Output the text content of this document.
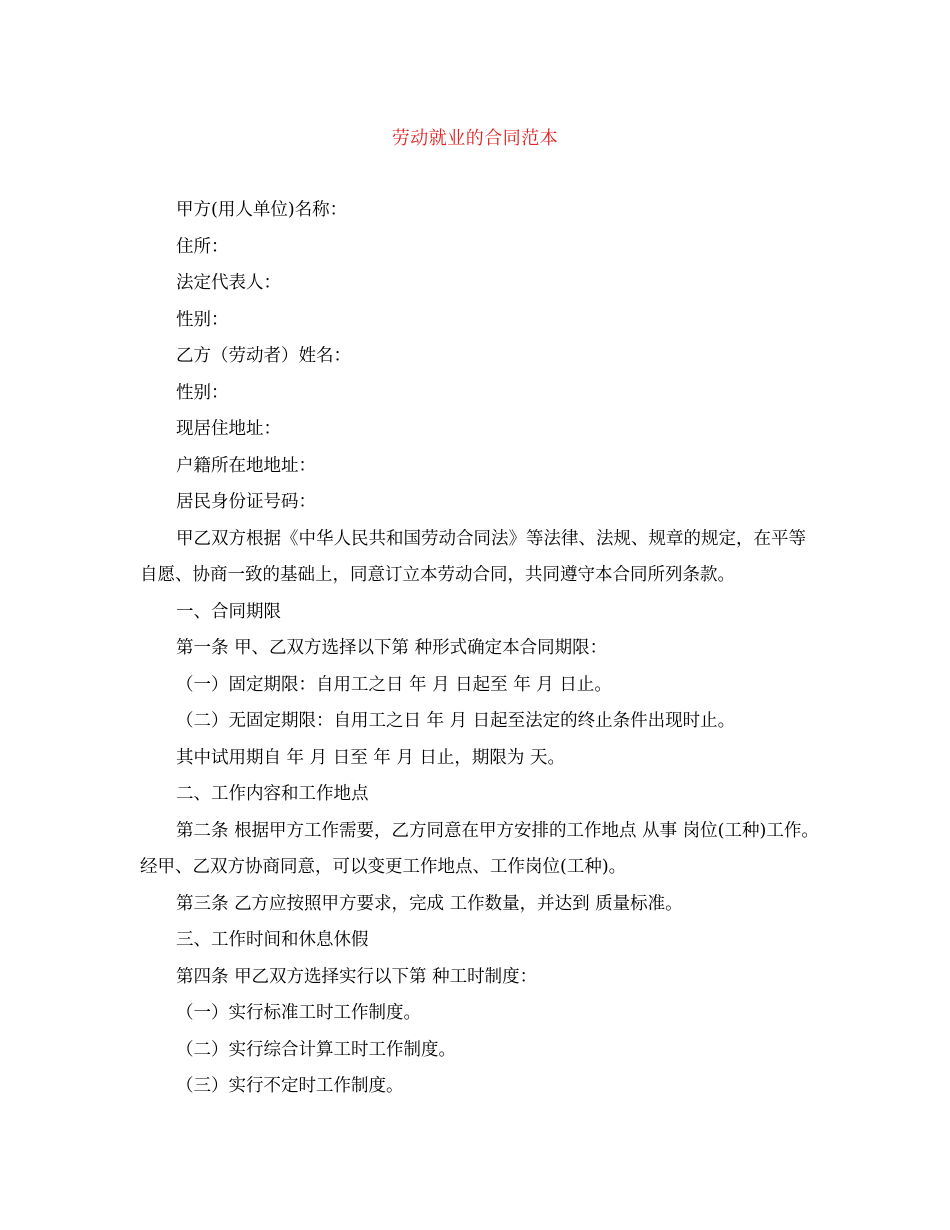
劳动就业的合同范本

甲方(用人单位)名称：

住所：

法定代表人：

性别：

乙方（劳动者）姓名：

性别：

现居住地址：

户籍所在地地址：

居民身份证号码：

甲乙双方根据《中华人民共和国劳动合同法》等法律、法规、规章的规定，在平等自愿、协商一致的基础上，同意订立本劳动合同，共同遵守本合同所列条款。

一、合同期限

第一条 甲、乙双方选择以下第 种形式确定本合同期限：

（一）固定期限：自用工之日 年 月 日起至 年 月 日止。

（二）无固定期限：自用工之日 年 月 日起至法定的终止条件出现时止。

其中试用期自 年 月 日至 年 月 日止，期限为 天。

二、工作内容和工作地点

第二条 根据甲方工作需要，乙方同意在甲方安排的工作地点 从事 岗位(工种)工作。经甲、乙双方协商同意，可以变更工作地点、工作岗位(工种)。

第三条 乙方应按照甲方要求，完成 工作数量，并达到 质量标准。

三、工作时间和休息休假

第四条 甲乙双方选择实行以下第 种工时制度：

（一）实行标准工时工作制度。

（二）实行综合计算工时工作制度。

（三）实行不定时工作制度。
